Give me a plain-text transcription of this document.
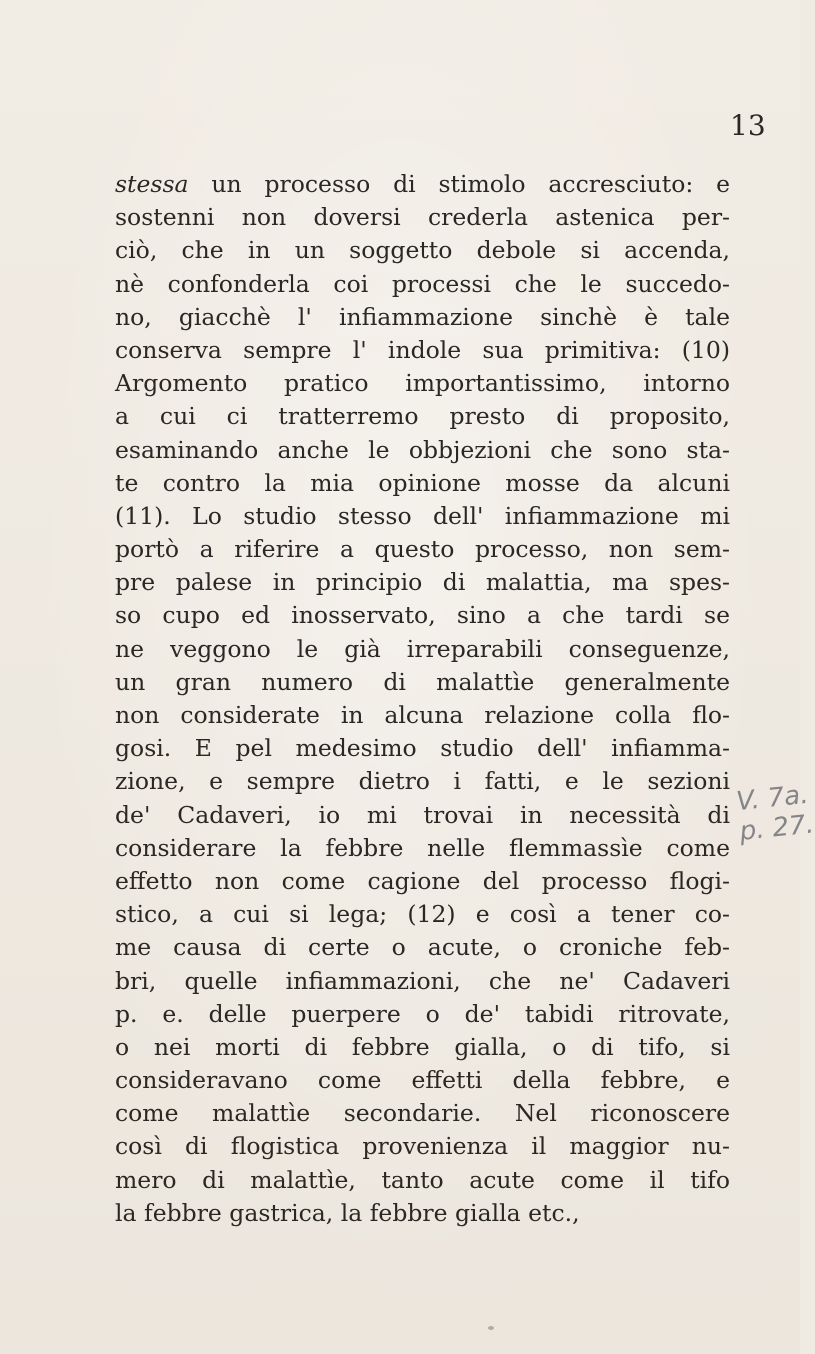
13
stessa un processo di stimolo accresciuto: e
sostenni non doversi crederla astenica per-
ciò, che in un soggetto debole si accenda,
nè confonderla coi processi che le succedo-
no, giacchè l' infiammazione sinchè è tale
conserva sempre l' indole sua primitiva: (10)
Argomento pratico importantissimo, intorno
a cui ci tratterremo presto di proposito,
esaminando anche le obbjezioni che sono sta-
te contro la mia opinione mosse da alcuni
(11). Lo studio stesso dell' infiammazione mi
portò a riferire a questo processo, non sem-
pre palese in principio di malattia, ma spes-
so cupo ed inosservato, sino a che tardi se
ne veggono le già irreparabili conseguenze,
un gran numero di malattìe generalmente
non considerate in alcuna relazione colla flo-
gosi. E pel medesimo studio dell' infiamma-
zione, e sempre dietro i fatti, e le sezioni
de' Cadaveri, io mi trovai in necessità di
considerare la febbre nelle flemmassìe come
effetto non come cagione del processo flogi-
stico, a cui si lega; (12) e così a tener co-
me causa di certe o acute, o croniche feb-
bri, quelle infiammazioni, che ne' Cadaveri
p. e. delle puerpere o de' tabidi ritrovate,
o nei morti di febbre gialla, o di tifo, si
consideravano come effetti della febbre, e
come malattìe secondarie. Nel riconoscere
così di flogistica provenienza il maggior nu-
mero di malattìe, tanto acute come il tifo
la febbre gastrica, la febbre gialla etc.,
V. 7a.
p. 27.
